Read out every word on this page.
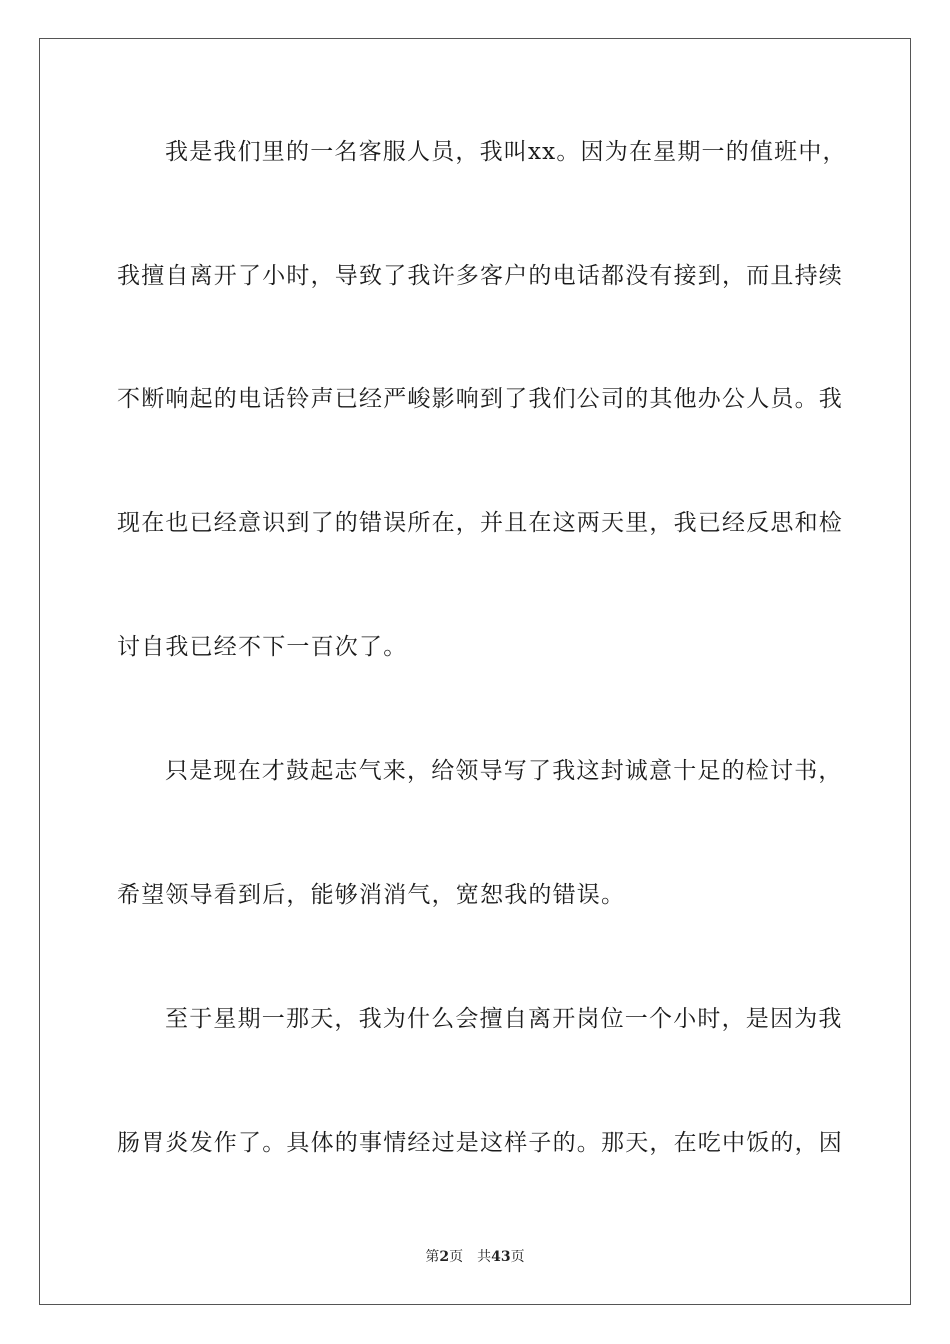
我是我们里的一名客服人员，我叫xx。因为在星期一的值班中，
我擅自离开了小时，导致了我许多客户的电话都没有接到，而且持续
不断响起的电话铃声已经严峻影响到了我们公司的其他办公人员。我
现在也已经意识到了的错误所在，并且在这两天里，我已经反思和检
讨自我已经不下一百次了。
只是现在才鼓起志气来，给领导写了我这封诚意十足的检讨书，
希望领导看到后，能够消消气，宽恕我的错误。
至于星期一那天，我为什么会擅自离开岗位一个小时，是因为我
肠胃炎发作了。具体的事情经过是这样子的。那天，在吃中饭的，因
第2页 共43页
